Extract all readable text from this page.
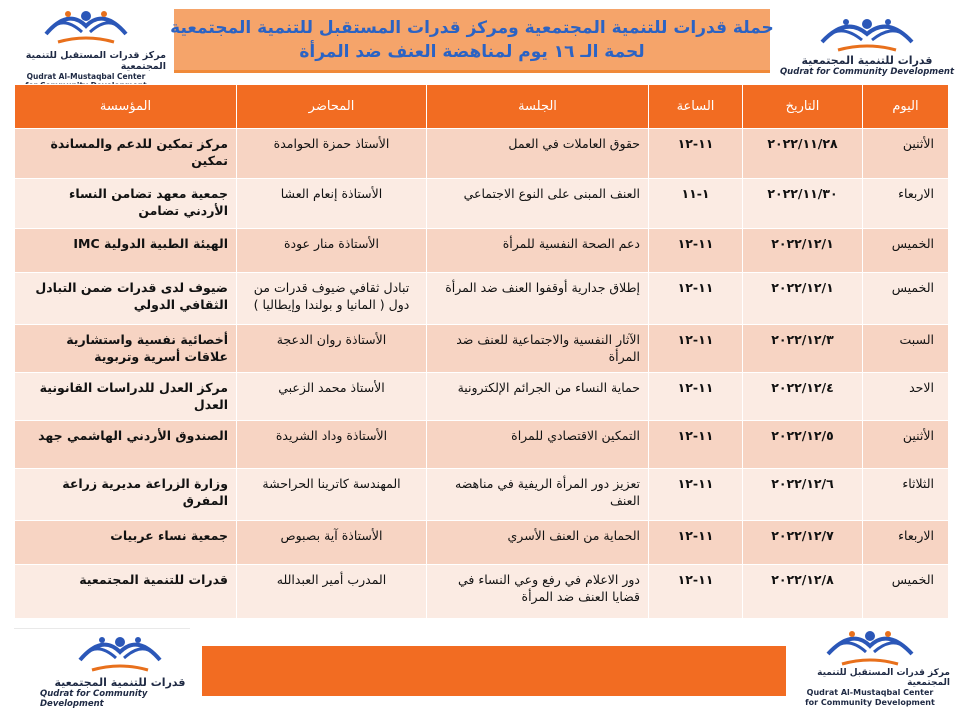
مركز قدرات المستقبل للتنمية المجتمعية
Qudrat Al-Mustaqbal Center
قدرات للتنمية المجتمعية
Qudrat for Community Development
قدرات للتنمية المجتمعية
Qudrat for Community Development
مركز قدرات المستقبل للتنمية المجتمعية
Qudrat Al-Mustaqbal Center
for Community Development
حملة قدرات للتنمية المجتمعية ومركز قدرات المستقبل للتنمية المجتمعية
لحمة الـ ١٦ يوم لمناهضة العنف ضد المرأة
اليوم	التاريخ	الساعة	الجلسة	المحاضر	المؤسسة
الأثنين	٢٠٢٢/١١/٢٨	١١-١٢	حقوق العاملات في العمل	الأستاذ حمزة الحوامدة	مركز تمكين للدعم والمساندة تمكين
الاربعاء	٢٠٢٢/١١/٣٠	١-١١	العنف المبنى على النوع الاجتماعي	الأستاذة إنعام العشا	جمعية معهد تضامن النساء الأردني تضامن
الخميس	٢٠٢٢/١٢/١	١١-١٢	دعم الصحة النفسية للمرأة	الأستاذة منار عودة	الهيئة الطبية الدولية IMC
الخميس	٢٠٢٢/١٢/١	١١-١٢	إطلاق جدارية أوقفوا العنف ضد المرأة	تبادل ثقافي ضيوف قدرات من دول ( المانيا و بولندا وإيطاليا )	ضيوف لدى قدرات ضمن التبادل الثقافي الدولي
السبت	٢٠٢٢/١٢/٣	١١-١٢	الآثار النفسية والاجتماعية للعنف ضد المرأة	الأستاذة روان الدعجة	أخصائية نفسية واستشارية علاقات أسرية وتربوية
الاحد	٢٠٢٢/١٢/٤	١١-١٢	حماية النساء من الجرائم الإلكترونية	الأستاذ محمد الزعبي	مركز العدل للدراسات القانونية العدل
الأثنين	٢٠٢٢/١٢/٥	١١-١٢	التمكين الاقتصادي للمراة	الأستاذة وداد الشريدة	الصندوق الأردني الهاشمي جهد
الثلاثاء	٢٠٢٢/١٢/٦	١١-١٢	تعزيز دور المرأة الريفية في مناهضه العنف	المهندسة كاترينا الحراحشة	وزارة الزراعة مديرية زراعة المفرق
الاربعاء	٢٠٢٢/١٢/٧	١١-١٢	الحماية من العنف الأسري	الأستاذة آية بصبوص	جمعية نساء عربيات
الخميس	٢٠٢٢/١٢/٨	١١-١٢	دور الاعلام في رفع وعي النساء في قضايا العنف ضد المرأة	المدرب أمير العبدالله	قدرات للتنمية المجتمعية
